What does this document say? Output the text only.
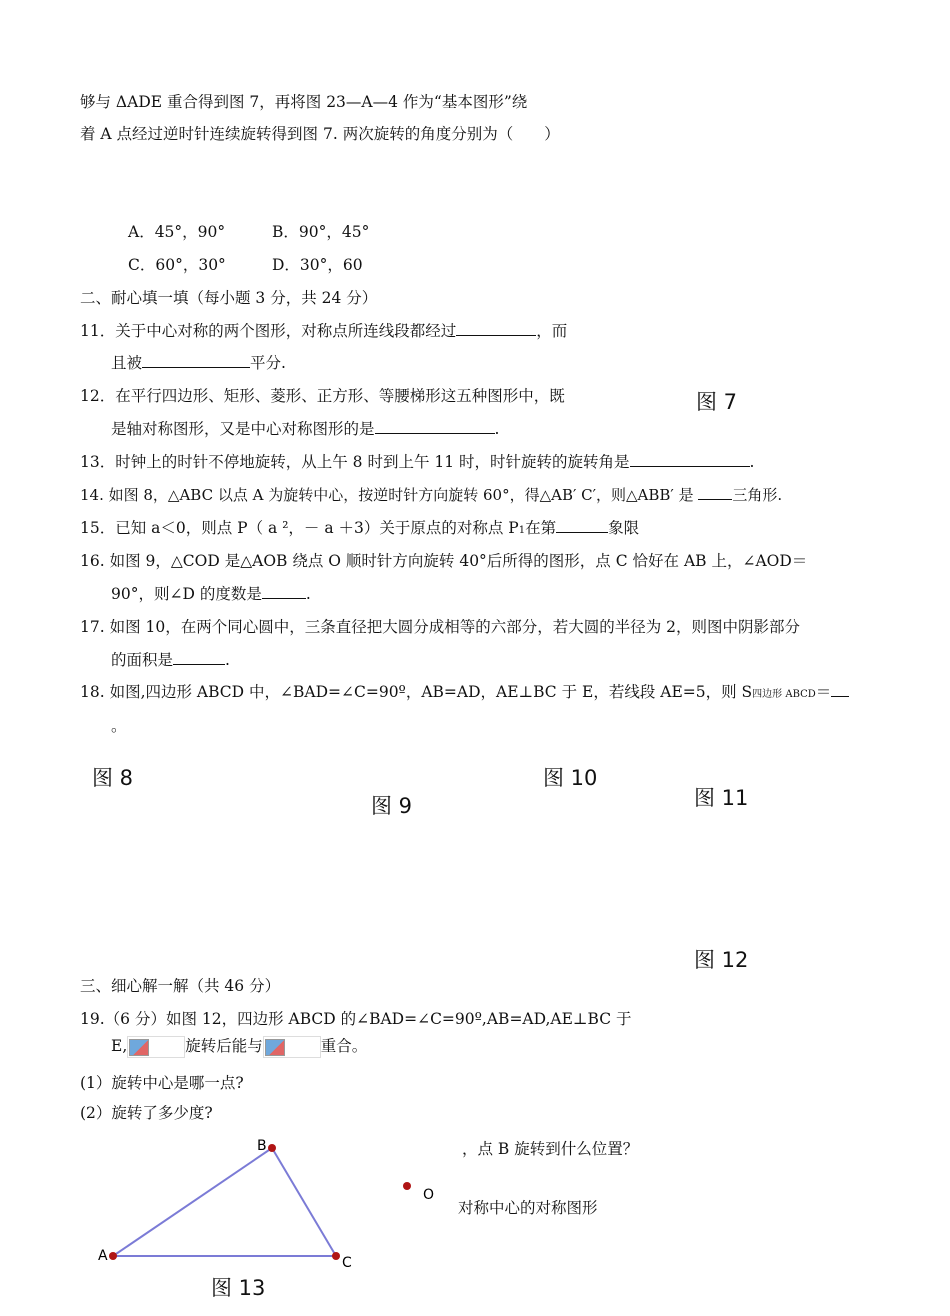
够与 ΔADE 重合得到图 7，再将图 23—A—4 作为“基本图形”绕
着 A 点经过逆时针连续旋转得到图 7. 两次旋转的角度分别为（　　）
A．45°，90°	B．90°，45°
C．60°，30°	D．30°，60
二、耐心填一填（每小题 3 分，共 24 分）
11．关于中心对称的两个图形，对称点所连线段都经过	，而
且被	平分.
12．在平行四边形、矩形、菱形、正方形、等腰梯形这五种图形中，既	图 7
是轴对称图形，又是中心对称图形的是	.
13．时钟上的时针不停地旋转，从上午 8 时到上午 11 时，时针旋转的旋转角是	.
14. 如图 8，△ABC 以点 A 为旋转中心，按逆时针方向旋转 60°，得△AB′ C′，则△ABB′ 是	三角形.
15．已知 a＜0，则点 P（ a ²，－ a ＋3）关于原点的对称点 P1在第	象限
16. 如图 9，△COD 是△AOB 绕点 O 顺时针方向旋转 40°后所得的图形，点 C 恰好在 AB 上，∠AOD＝
90°，则∠D 的度数是	.
17. 如图 10，在两个同心圆中，三条直径把大圆分成相等的六部分，若大圆的半径为 2，则图中阴影部分
的面积是	.
18. 如图,四边形 ABCD 中，∠BAD=∠C=90º，AB=AD，AE⊥BC 于 E，若线段 AE=5，则 S四边形 ABCD＝
。
图 8	图 10
图 11
图 9
图 12
三、细心解一解（共 46 分）
19.（6 分）如图 12，四边形 ABCD 的∠BAD=∠C=90º,AB=AD,AE⊥BC 于
E,	旋转后能与	重合。
(1）旋转中心是哪一点?
(2）旋转了多少度?
，点 B 旋转到什么位置？
对称中心的对称图形
A
B
C
O
图 13
